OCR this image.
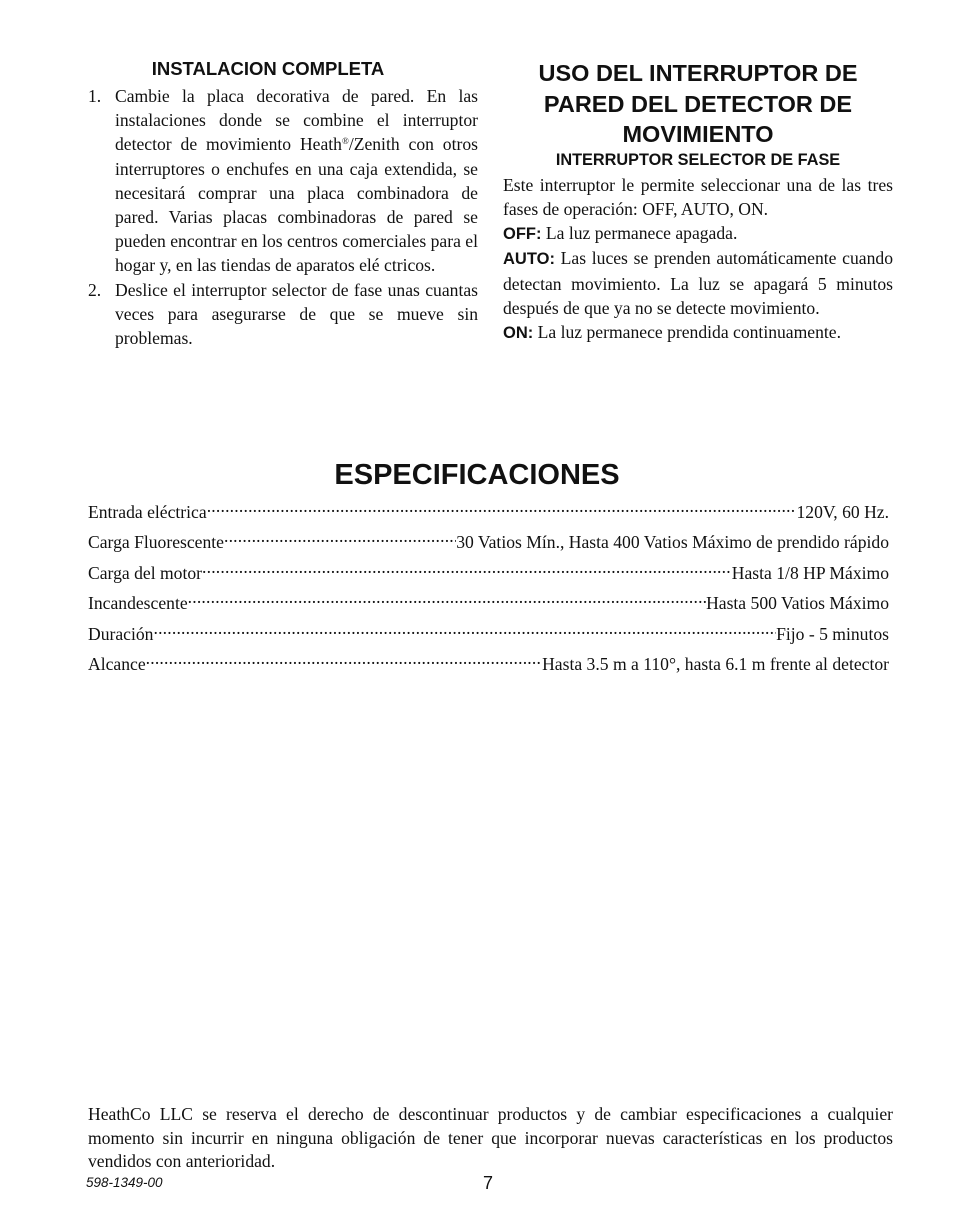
INSTALACION COMPLETA
1. Cambie la placa decorativa de pared. En las instalaciones donde se combine el interruptor detector de movimiento Heath®/Zenith con otros interruptores o enchufes en una caja extendida, se necesitará comprar una placa combinadora de pared. Varias placas combinadoras de pared se pueden encontrar en los centros comerciales para el hogar y, en las tiendas de aparatos elé ctricos.
2. Deslice el interruptor selector de fase unas cuantas veces para asegurarse de que se mueve sin problemas.
USO DEL INTERRUPTOR DE PARED DEL DETECTOR DE MOVIMIENTO
INTERRUPTOR SELECTOR DE FASE

Este interruptor le permite seleccionar una de las tres fases de operación: OFF, AUTO, ON.

OFF: La luz permanece apagada.

AUTO: Las luces se prenden automáticamente cuando detectan movimiento. La luz se apagará 5 minutos después de que ya no se detecte movimiento.

ON: La luz permanece prendida continuamente.

ESPECIFICACIONES
Entrada eléctrica .....	120V, 60 Hz.
Carga Fluorescente .....	30 Vatios Mín., Hasta 400 Vatios Máximo de prendido rápido
Carga del motor .....	Hasta 1/8 HP Máximo
Incandescente .....	Hasta 500 Vatios Máximo
Duración .....	Fijo - 5 minutos
Alcance .....	Hasta 3.5 m a 110°, hasta 6.1 m frente al detector

HeathCo LLC se reserva el derecho de descontinuar productos y de cambiar especificaciones a cualquier momento sin incurrir en ninguna obligación de tener que incorporar nuevas características en los productos vendidos con anterioridad.

598-1349-00	7
